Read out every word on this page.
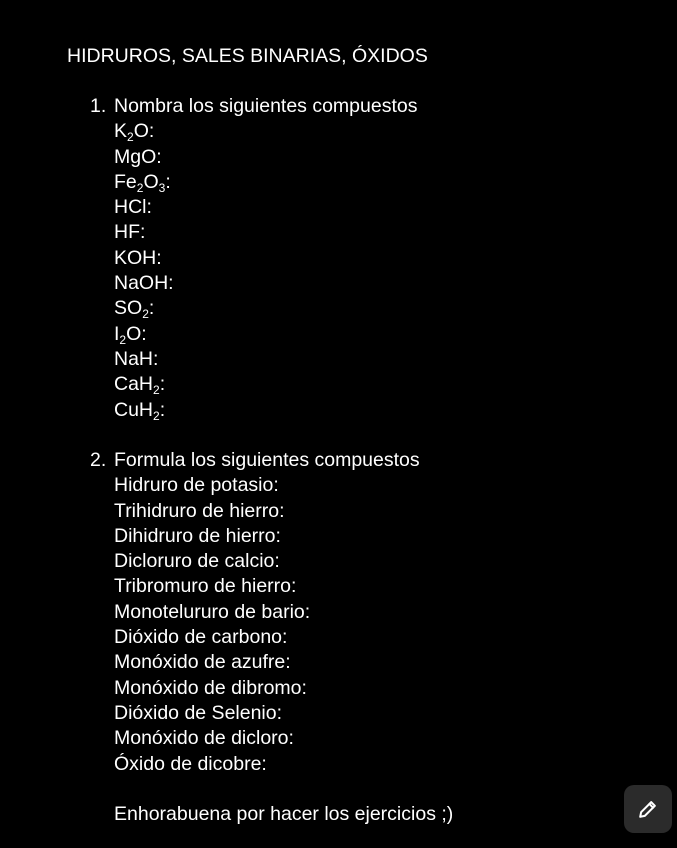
HIDRUROS, SALES BINARIAS, ÓXIDOS
1. Nombra los siguientes compuestos
$K_2O$:
MgO:
$Fe_2O_3$:
HCl:
HF:
KOH:
NaOH:
$SO_2$:
$I_2O$:
NaH:
CaH$_2$:
CuH$_2$:
2. Formula los siguientes compuestos
Hidruro de potasio:
Trihidruro de hierro:
Dihidruro de hierro:
Dicloruro de calcio:
Tribromuro de hierro:
Monotelururo de bario:
Dióxido de carbono:
Monóxido de azufre:
Monóxido de dibromo:
Dióxido de Selenio:
Monóxido de dicloro:
Óxido de dicobre:
Enhorabuena por hacer los ejercicios ;)
